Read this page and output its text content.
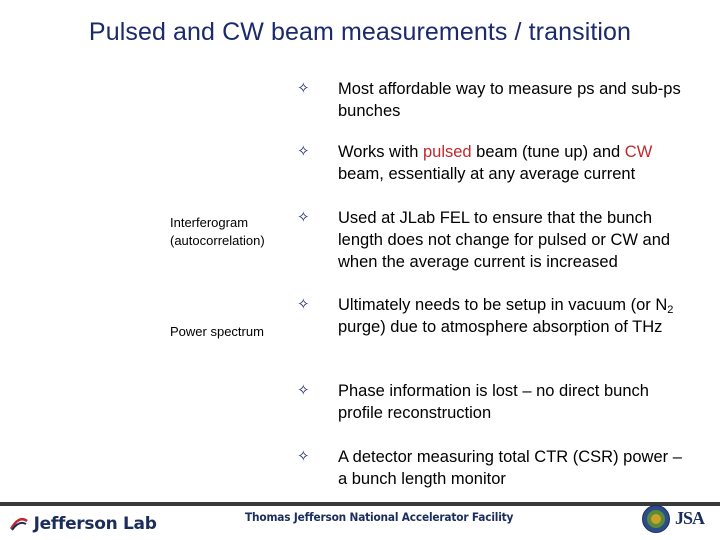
Pulsed and CW beam measurements / transition
Interferogram
(autocorrelation)
Power spectrum
✧ Most affordable way to measure ps and sub-ps bunches
✧ Works with pulsed beam (tune up) and CW beam, essentially at any average current
✧ Used at JLab FEL to ensure that the bunch length does not change for pulsed or CW and when the average current is increased
✧ Ultimately needs to be setup in vacuum (or $N_2$ purge) due to atmosphere absorption of THz
✧ Phase information is lost – no direct bunch profile reconstruction
✧ A detector measuring total CTR (CSR) power – a bunch length monitor
Jefferson Lab	Thomas Jefferson National Accelerator Facility	JSA
